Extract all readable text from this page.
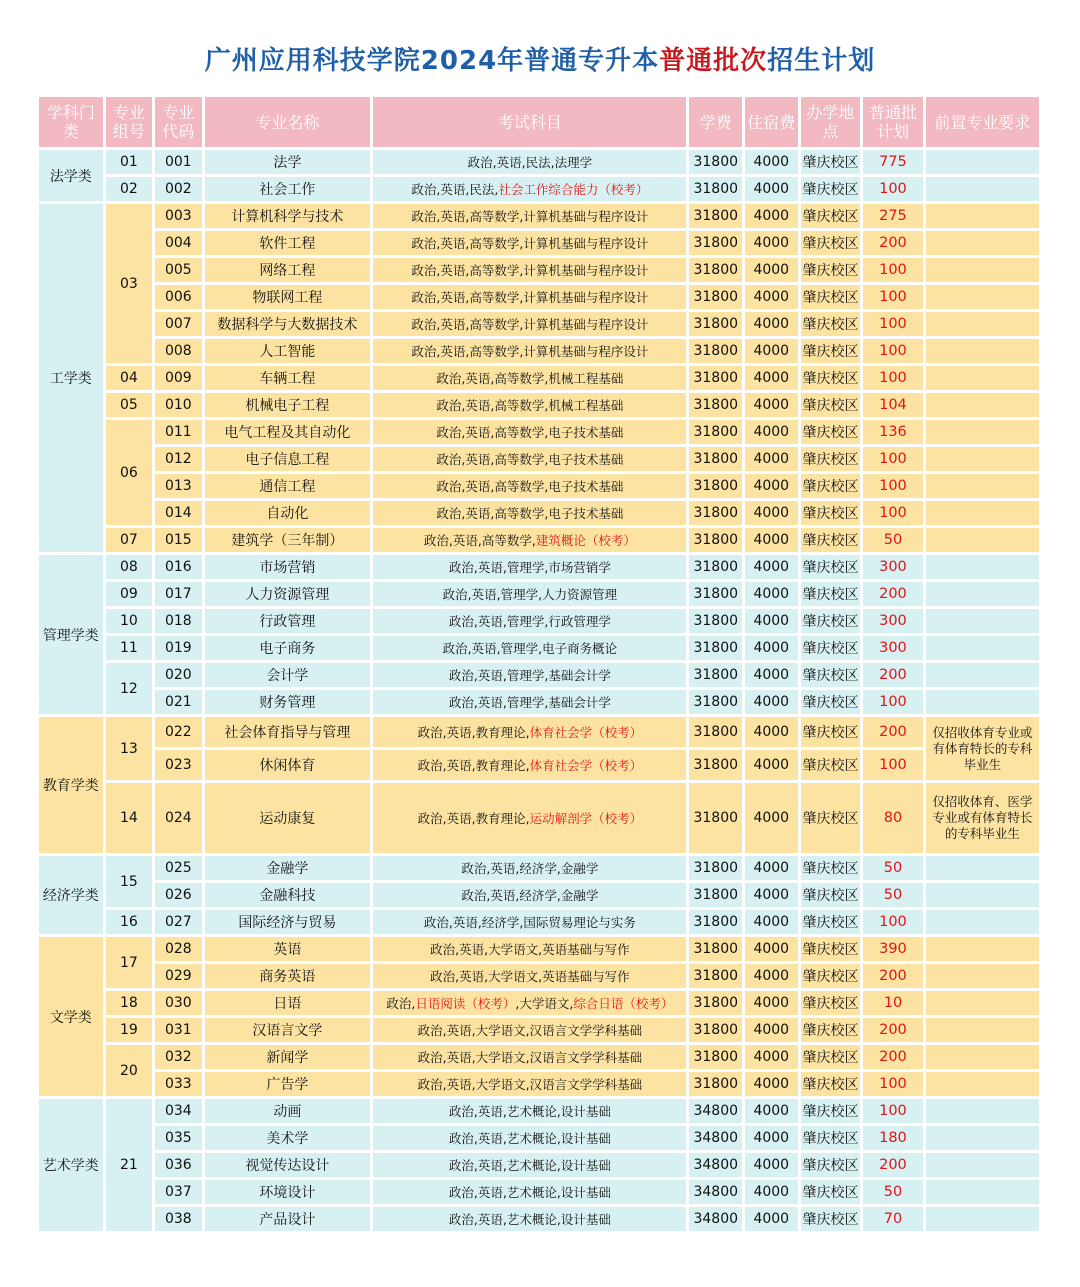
广州应用科技学院2024年普通专升本普通批次招生计划
学科门类	专业组号	专业代码	专业名称	考试科目	学费	住宿费	办学地点	普通批计划	前置专业要求
法学类	01	001	法学	政治,英语,民法,法理学	31800	4000	肇庆校区	775	
	02	002	社会工作	政治,英语,民法,社会工作综合能力（校考）	31800	4000	肇庆校区	100	
工学类	03	003	计算机科学与技术	政治,英语,高等数学,计算机基础与程序设计	31800	4000	肇庆校区	275	
		004	软件工程	政治,英语,高等数学,计算机基础与程序设计	31800	4000	肇庆校区	200	
		005	网络工程	政治,英语,高等数学,计算机基础与程序设计	31800	4000	肇庆校区	100	
		006	物联网工程	政治,英语,高等数学,计算机基础与程序设计	31800	4000	肇庆校区	100	
		007	数据科学与大数据技术	政治,英语,高等数学,计算机基础与程序设计	31800	4000	肇庆校区	100	
		008	人工智能	政治,英语,高等数学,计算机基础与程序设计	31800	4000	肇庆校区	100	
	04	009	车辆工程	政治,英语,高等数学,机械工程基础	31800	4000	肇庆校区	100	
	05	010	机械电子工程	政治,英语,高等数学,机械工程基础	31800	4000	肇庆校区	104	
	06	011	电气工程及其自动化	政治,英语,高等数学,电子技术基础	31800	4000	肇庆校区	136	
		012	电子信息工程	政治,英语,高等数学,电子技术基础	31800	4000	肇庆校区	100	
		013	通信工程	政治,英语,高等数学,电子技术基础	31800	4000	肇庆校区	100	
		014	自动化	政治,英语,高等数学,电子技术基础	31800	4000	肇庆校区	100	
	07	015	建筑学（三年制）	政治,英语,高等数学,建筑概论（校考）	31800	4000	肇庆校区	50	
管理学类	08	016	市场营销	政治,英语,管理学,市场营销学	31800	4000	肇庆校区	300	
	09	017	人力资源管理	政治,英语,管理学,人力资源管理	31800	4000	肇庆校区	200	
	10	018	行政管理	政治,英语,管理学,行政管理学	31800	4000	肇庆校区	300	
	11	019	电子商务	政治,英语,管理学,电子商务概论	31800	4000	肇庆校区	300	
	12	020	会计学	政治,英语,管理学,基础会计学	31800	4000	肇庆校区	200	
		021	财务管理	政治,英语,管理学,基础会计学	31800	4000	肇庆校区	100	
教育学类	13	022	社会体育指导与管理	政治,英语,教育理论,体育社会学（校考）	31800	4000	肇庆校区	200	仅招收体育专业或有体育特长的专科毕业生
		023	休闲体育	政治,英语,教育理论,体育社会学（校考）	31800	4000	肇庆校区	100	
	14	024	运动康复	政治,英语,教育理论,运动解剖学（校考）	31800	4000	肇庆校区	80	仅招收体育、医学专业或有体育特长的专科毕业生
经济学类	15	025	金融学	政治,英语,经济学,金融学	31800	4000	肇庆校区	50	
		026	金融科技	政治,英语,经济学,金融学	31800	4000	肇庆校区	50	
	16	027	国际经济与贸易	政治,英语,经济学,国际贸易理论与实务	31800	4000	肇庆校区	100	
文学类	17	028	英语	政治,英语,大学语文,英语基础与写作	31800	4000	肇庆校区	390	
		029	商务英语	政治,英语,大学语文,英语基础与写作	31800	4000	肇庆校区	200	
	18	030	日语	政治,日语阅读（校考）,大学语文,综合日语（校考）	31800	4000	肇庆校区	10	
	19	031	汉语言文学	政治,英语,大学语文,汉语言文学学科基础	31800	4000	肇庆校区	200	
	20	032	新闻学	政治,英语,大学语文,汉语言文学学科基础	31800	4000	肇庆校区	200	
		033	广告学	政治,英语,大学语文,汉语言文学学科基础	31800	4000	肇庆校区	100	
艺术学类	21	034	动画	政治,英语,艺术概论,设计基础	34800	4000	肇庆校区	100	
		035	美术学	政治,英语,艺术概论,设计基础	34800	4000	肇庆校区	180	
		036	视觉传达设计	政治,英语,艺术概论,设计基础	34800	4000	肇庆校区	200	
		037	环境设计	政治,英语,艺术概论,设计基础	34800	4000	肇庆校区	50	
		038	产品设计	政治,英语,艺术概论,设计基础	34800	4000	肇庆校区	70	
